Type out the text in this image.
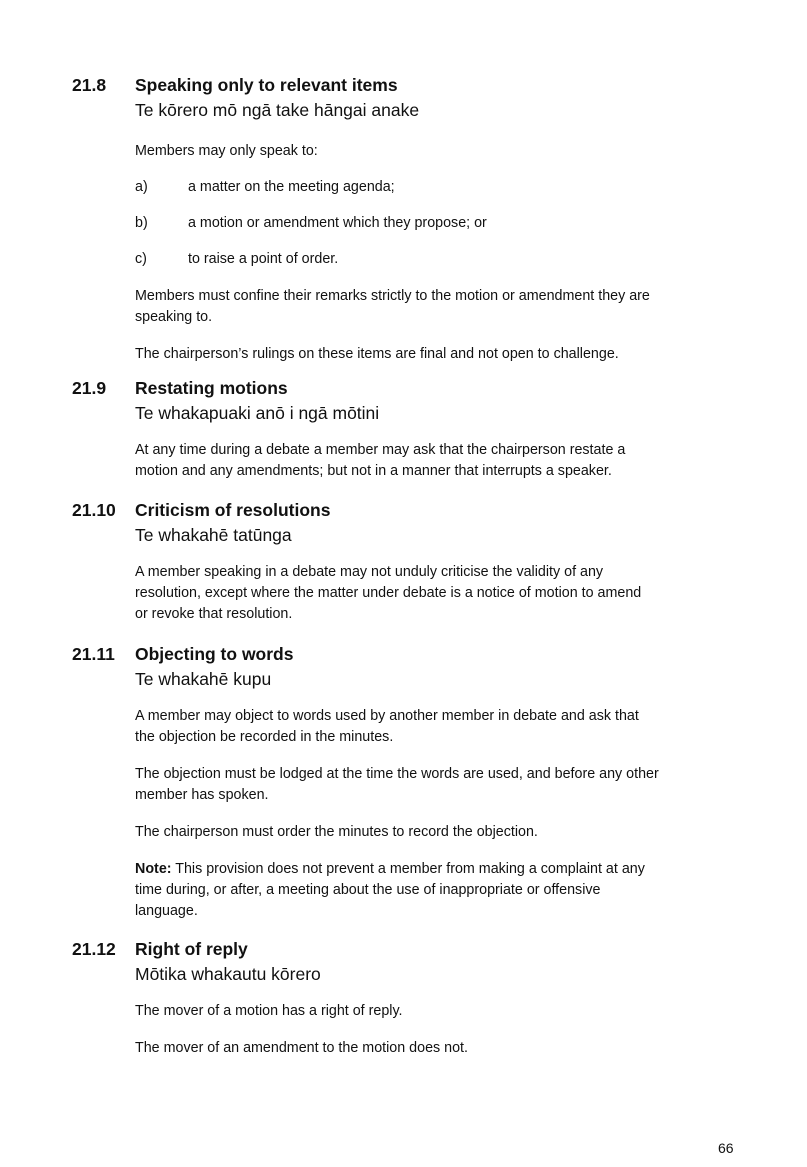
21.8 Speaking only to relevant items
Te kōrero mō ngā take hāngai anake
Members may only speak to:
a)	a matter on the meeting agenda;
b)	a motion or amendment which they propose; or
c)	to raise a point of order.
Members must confine their remarks strictly to the motion or amendment they are
speaking to.
The chairperson’s rulings on these items are final and not open to challenge.
21.9 Restating motions
Te whakapuaki anō i ngā mōtini
At any time during a debate a member may ask that the chairperson restate a
motion and any amendments; but not in a manner that interrupts a speaker.
21.10 Criticism of resolutions
Te whakahē tatūnga
A member speaking in a debate may not unduly criticise the validity of any
resolution, except where the matter under debate is a notice of motion to amend
or revoke that resolution.
21.11 Objecting to words
Te whakahē kupu
A member may object to words used by another member in debate and ask that
the objection be recorded in the minutes.
The objection must be lodged at the time the words are used, and before any other
member has spoken.
The chairperson must order the minutes to record the objection.
Note: This provision does not prevent a member from making a complaint at any
time during, or after, a meeting about the use of inappropriate or offensive
language.
21.12 Right of reply
Mōtika whakautu kōrero
The mover of a motion has a right of reply.
The mover of an amendment to the motion does not.
66
